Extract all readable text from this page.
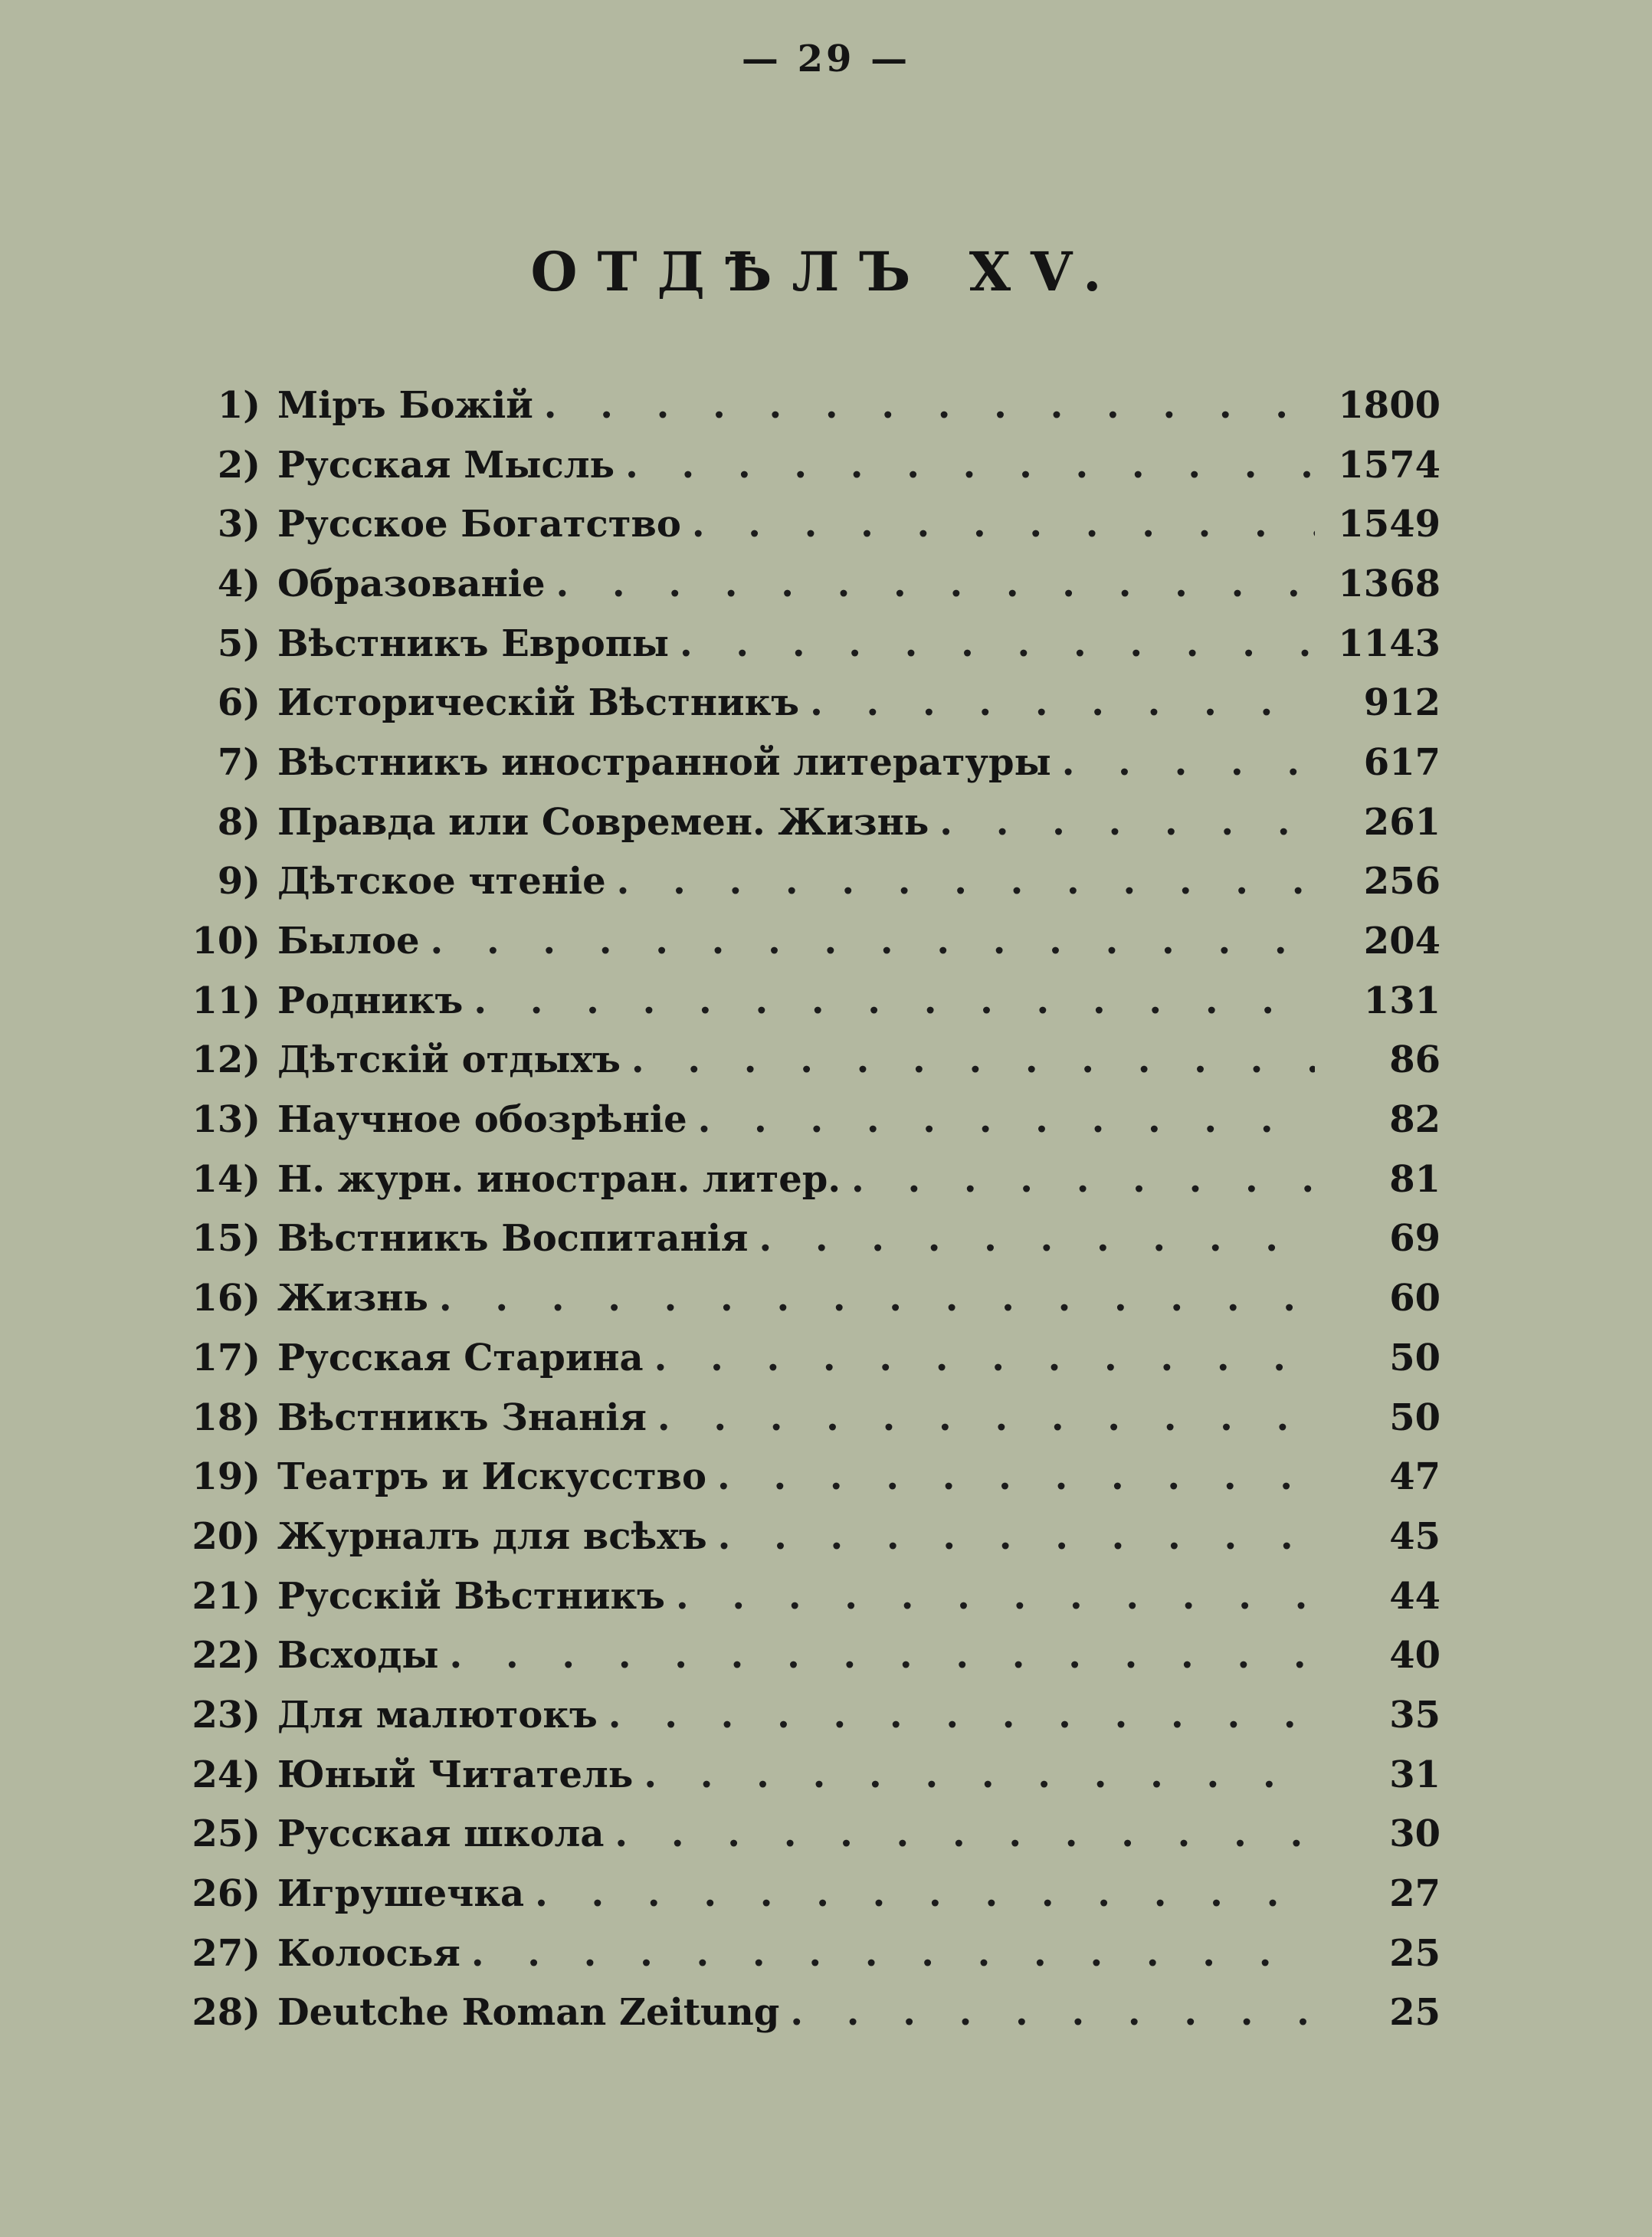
— 29 —
ОТДѢЛЪ XV.
1) Міръ Божій . . .	1800
2) Русская Мысль . . .	1574
3) Русское Богатство . . .	1549
4) Образованіе . . .	1368
5) Вѣстникъ Европы . . .	1143
6) Историческій Вѣстникъ . . .	912
7) Вѣстникъ иностранной литературы . . .	617
8) Правда или Современ. Жизнь . . .	261
9) Дѣтское чтеніе . . .	256
10) Былое . . .	204
11) Родникъ . . .	131
12) Дѣтскій отдыхъ . . .	86
13) Научное обозрѣніе . . .	82
14) Н. журн. иностран. литер. . . .	81
15) Вѣстникъ Воспитанія . . .	69
16) Жизнь . . .	60
17) Русская Старина . . .	50
18) Вѣстникъ Знанія . . .	50
19) Театръ и Искусство . . .	47
20) Журналъ для всѣхъ . . .	45
21) Русскій Вѣстникъ . . .	44
22) Всходы . . .	40
23) Для малютокъ . . .	35
24) Юный Читатель . . .	31
25) Русская школа . . .	30
26) Игрушечка . . .	27
27) Колосья . . .	25
28) Deutche Roman Zeitung . . .	25
